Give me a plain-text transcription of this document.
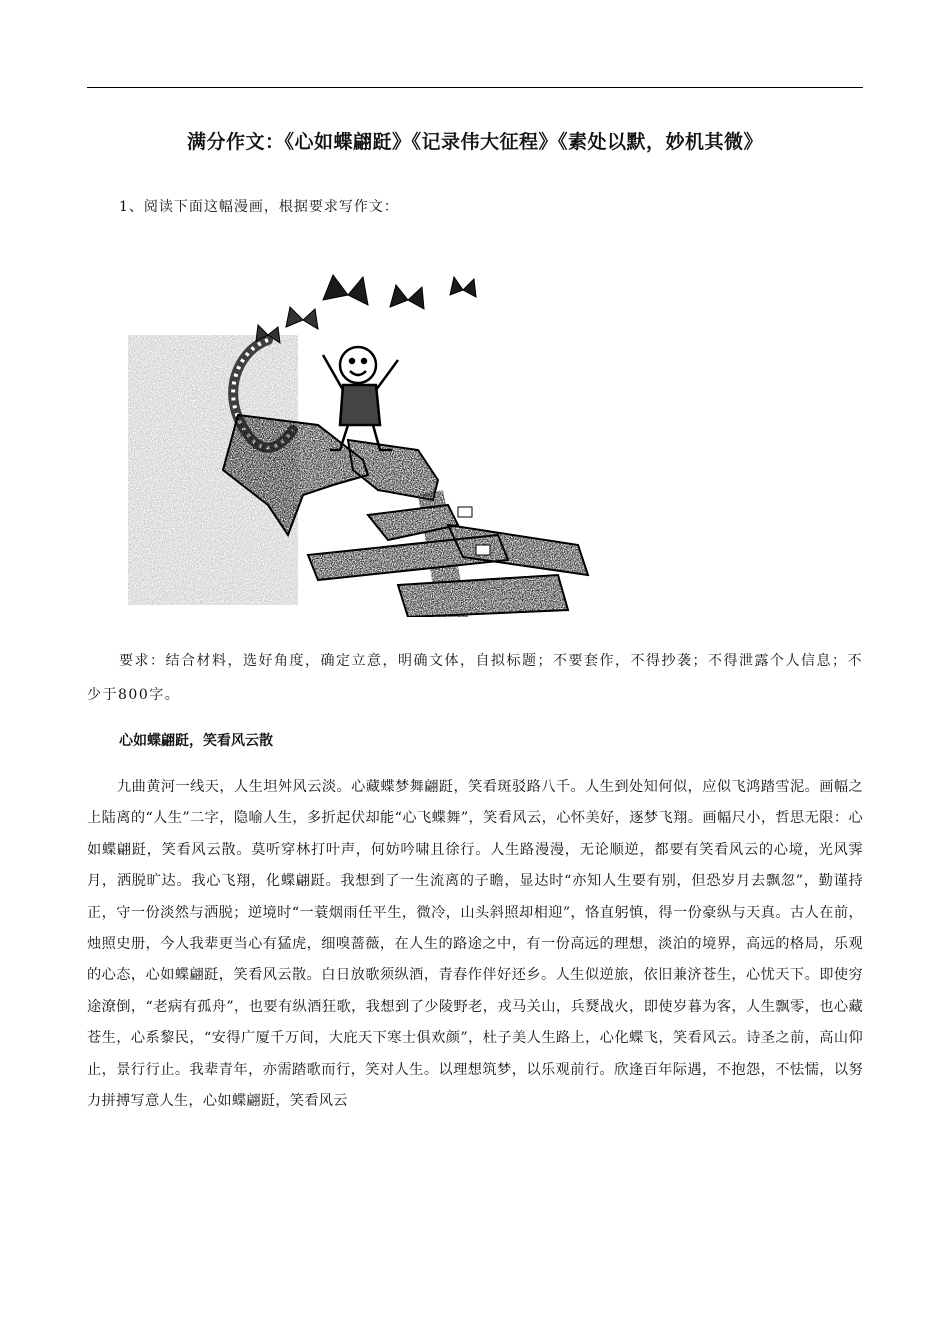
满分作文：《心如蝶翩跹》《记录伟大征程》《素处以默，妙机其微》
1、阅读下面这幅漫画，根据要求写作文：
要求：结合材料，选好角度，确定立意，明确文体，自拟标题；不要套作，不得抄袭；不得泄露个人信息；不少于800字。
心如蝶翩跹，笑看风云散
九曲黄河一线天，人生坦舛风云淡。心藏蝶梦舞翩跹，笑看斑驳路八千。人生到处知何似，应似飞鸿踏雪泥。画幅之上陆离的“人生”二字，隐喻人生，多折起伏却能“心飞蝶舞”，笑看风云，心怀美好，逐梦飞翔。画幅尺小，哲思无限：心如蝶翩跹，笑看风云散。莫听穿林打叶声，何妨吟啸且徐行。人生路漫漫，无论顺逆，都要有笑看风云的心境，光风霁月，洒脱旷达。我心飞翔，化蝶翩跹。我想到了一生流离的子瞻，显达时“亦知人生要有别，但恐岁月去飘忽”，勤谨持正，守一份淡然与洒脱；逆境时“一蓑烟雨任平生，微冷，山头斜照却相迎”，恪直躬慎，得一份豪纵与天真。古人在前，烛照史册，今人我辈更当心有猛虎，细嗅蔷薇，在人生的路途之中，有一份高远的理想，淡泊的境界，高远的格局，乐观的心态，心如蝶翩跹，笑看风云散。白日放歌须纵酒，青春作伴好还乡。人生似逆旅，依旧兼济苍生，心忧天下。即使穷途潦倒，“老病有孤舟”，也要有纵酒狂歌，我想到了少陵野老，戎马关山，兵燹战火，即使岁暮为客，人生飘零，也心藏苍生，心系黎民，“安得广厦千万间，大庇天下寒士俱欢颜”，杜子美人生路上，心化蝶飞，笑看风云。诗圣之前，高山仰止，景行行止。我辈青年，亦需踏歌而行，笑对人生。以理想筑梦，以乐观前行。欣逢百年际遇，不抱怨，不怯懦，以努力拼搏写意人生，心如蝶翩跹，笑看风云
